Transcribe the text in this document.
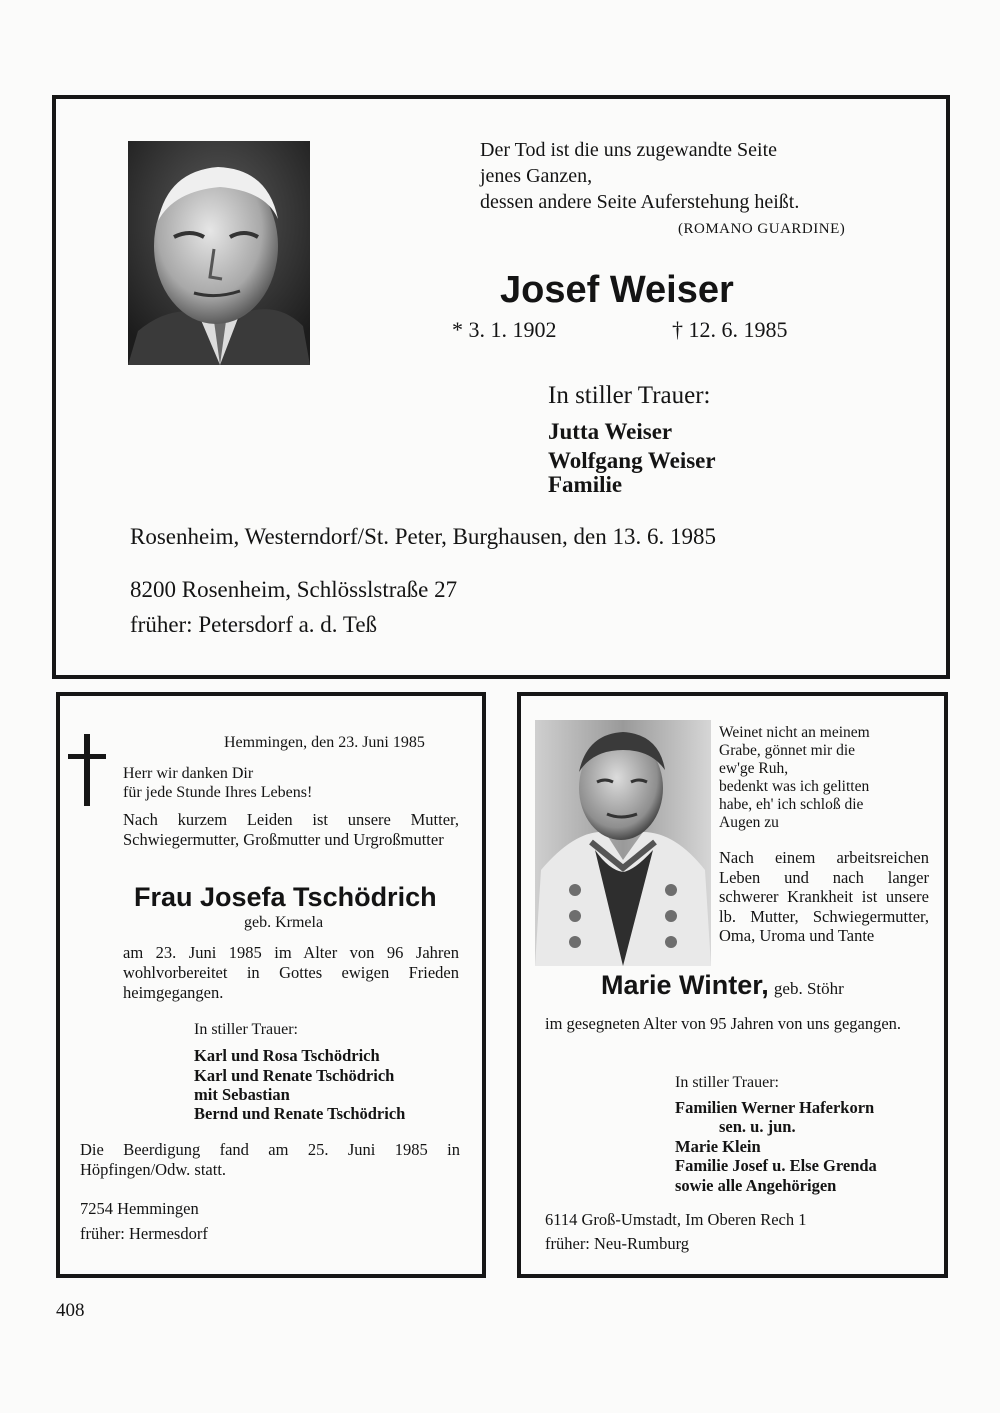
Der Tod ist die uns zugewandte Seite

jenes Ganzen,

dessen andere Seite Auferstehung heißt.

(ROMANO GUARDINE)

Josef Weiser

* 3. 1. 1902	† 12. 6. 1985

In stiller Trauer:

Jutta Weiser

Wolfgang Weiser

Familie

Rosenheim, Westerndorf/St. Peter, Burghausen, den 13. 6. 1985

8200 Rosenheim, Schlösslstraße 27

früher: Petersdorf a. d. Teß

Hemmingen, den 23. Juni 1985

Herr wir danken Dir

für jede Stunde Ihres Lebens!

Nach kurzem Leiden ist unsere Mutter, Schwiegermutter, Großmutter und Urgroßmutter

Frau Josefa Tschödrich

geb. Krmela

am 23. Juni 1985 im Alter von 96 Jahren wohlvorbereitet in Gottes ewigen Frieden heimgegangen.

In stiller Trauer:

Karl und Rosa Tschödrich

Karl und Renate Tschödrich

mit Sebastian

Bernd und Renate Tschödrich

Die Beerdigung fand am 25. Juni 1985 in Höpfingen/Odw. statt.

7254 Hemmingen

früher: Hermesdorf

Weinet nicht an meinem

Grabe, gönnet mir die

ew'ge Ruh,

bedenkt was ich gelitten

habe, eh' ich schloß die

Augen zu

Nach einem arbeitsreichen Leben und nach langer schwerer Krankheit ist unsere lb. Mutter, Schwiegermutter, Oma, Uroma und Tante

Marie Winter, geb. Stöhr

im gesegneten Alter von 95 Jahren von uns gegangen.

In stiller Trauer:

Familien Werner Haferkorn

sen. u. jun.

Marie Klein

Familie Josef u. Else Grenda

sowie alle Angehörigen

6114 Groß-Umstadt, Im Oberen Rech 1

früher: Neu-Rumburg

408
